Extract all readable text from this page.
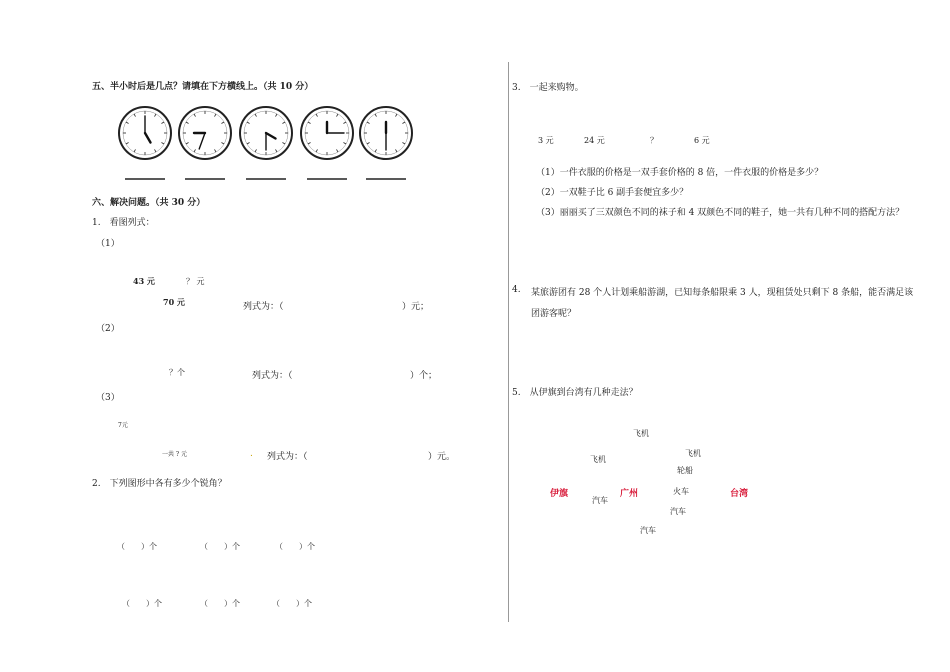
五、半小时后是几点？请填在下方横线上。（共 10 分）
六、解决问题。（共 30 分）
1.　看图列式：
（1）
43 元	？ 元
70 元	列式为：（	）元；
（2）
？个	列式为：（	）个；
（3）
7元
一共 ? 元	. 列式为：（	）元。
2.　下列图形中各有多少个锐角？
（　　）个	（　　）个	（　　）个
（　　）个	（　　）个	（　　）个
3.　一起来购物。
3 元	24 元	？	6 元
（1）一件衣服的价格是一双手套价格的 8 倍，一件衣服的价格是多少？
（2）一双鞋子比 6 副手套便宜多少？
（3）丽丽买了三双颜色不同的袜子和 4 双颜色不同的鞋子，她一共有几种不同的搭配方法？
4. 某旅游团有 28 个人计划乘船游湖，已知每条船限乘 3 人，现租赁处只剩下 8 条船，能否满足该
团游客呢？
5.　从伊旗到台湾有几种走法？
伊旗	广州	台湾
飞机
飞机
飞机
汽车
轮船
火车
汽车
汽车
